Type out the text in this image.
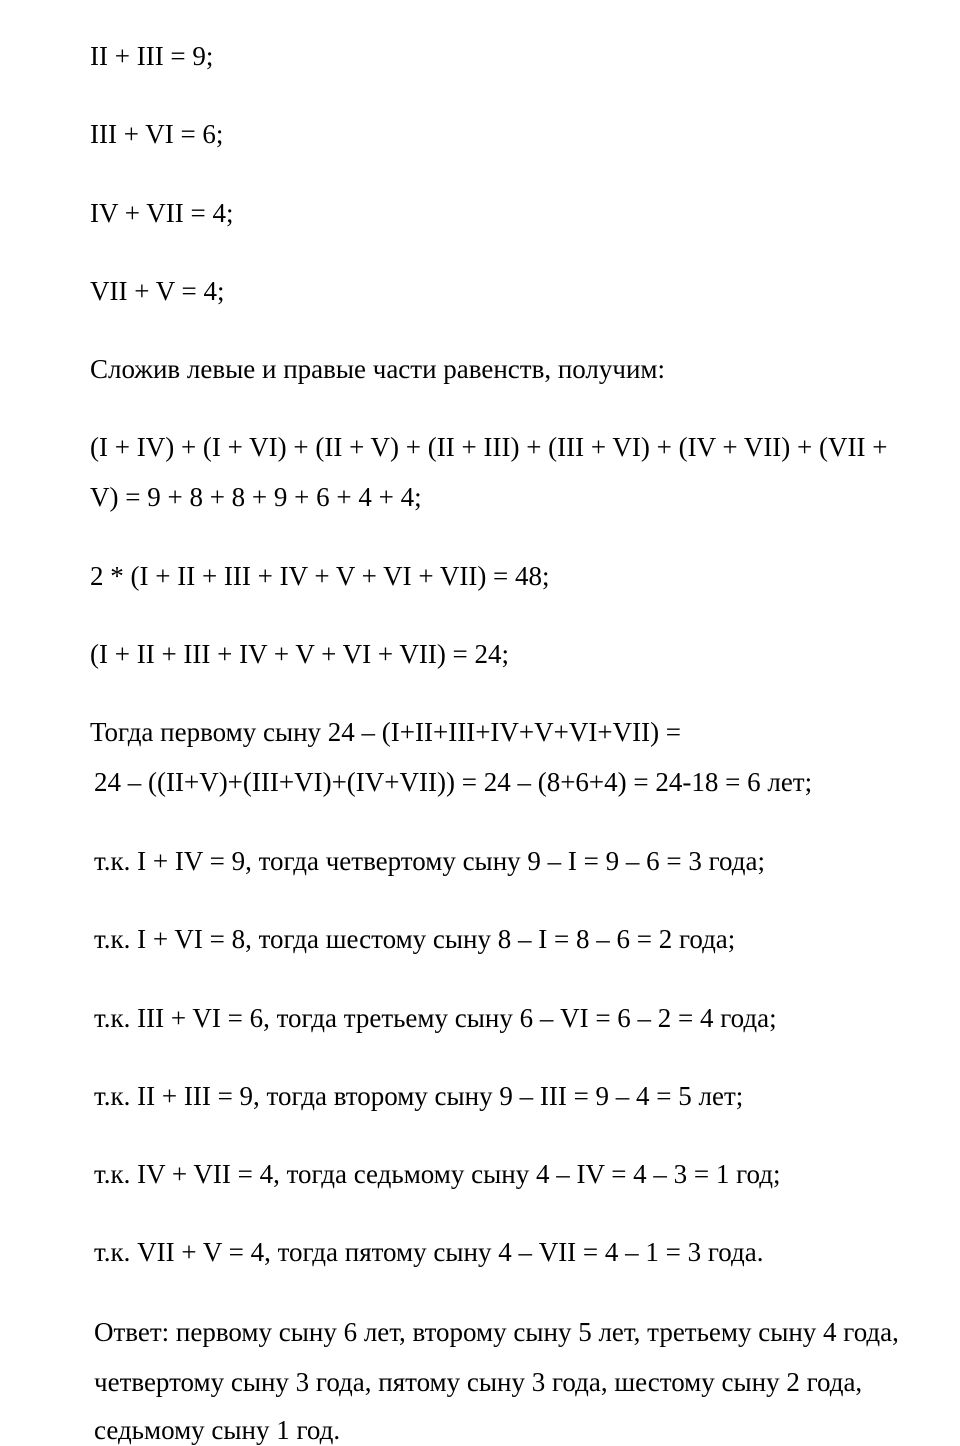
II + III = 9;
III + VI = 6;
IV + VII = 4;
VII + V = 4;
Сложив левые и правые части равенств, получим:
(I + IV) + (I + VI) + (II + V) + (II + III) + (III + VI) + (IV + VII) + (VII +
V) = 9 + 8 + 8 + 9 + 6 + 4 + 4;
2 * (I + II + III + IV + V + VI + VII) = 48;
(I + II + III + IV + V + VI + VII) = 24;
Тогда первому сыну 24 – (I+II+III+IV+V+VI+VII) =
24 – ((II+V)+(III+VI)+(IV+VII)) = 24 – (8+6+4) = 24-18 = 6 лет;
т.к. I + IV = 9, тогда четвертому сыну 9 – I = 9 – 6 = 3 года;
т.к. I + VI = 8, тогда шестому сыну 8 – I = 8 – 6 = 2 года;
т.к. III + VI = 6, тогда третьему сыну 6 – VI = 6 – 2 = 4 года;
т.к. II + III = 9, тогда второму сыну 9 – III = 9 – 4 = 5 лет;
т.к. IV + VII = 4, тогда седьмому сыну 4 – IV = 4 – 3 = 1 год;
т.к. VII + V = 4, тогда пятому сыну 4 – VII = 4 – 1 = 3 года.
Ответ: первому сыну 6 лет, второму сыну 5 лет, третьему сыну 4 года,
четвертому сыну 3 года, пятому сыну 3 года, шестому сыну 2 года,
седьмому сыну 1 год.
